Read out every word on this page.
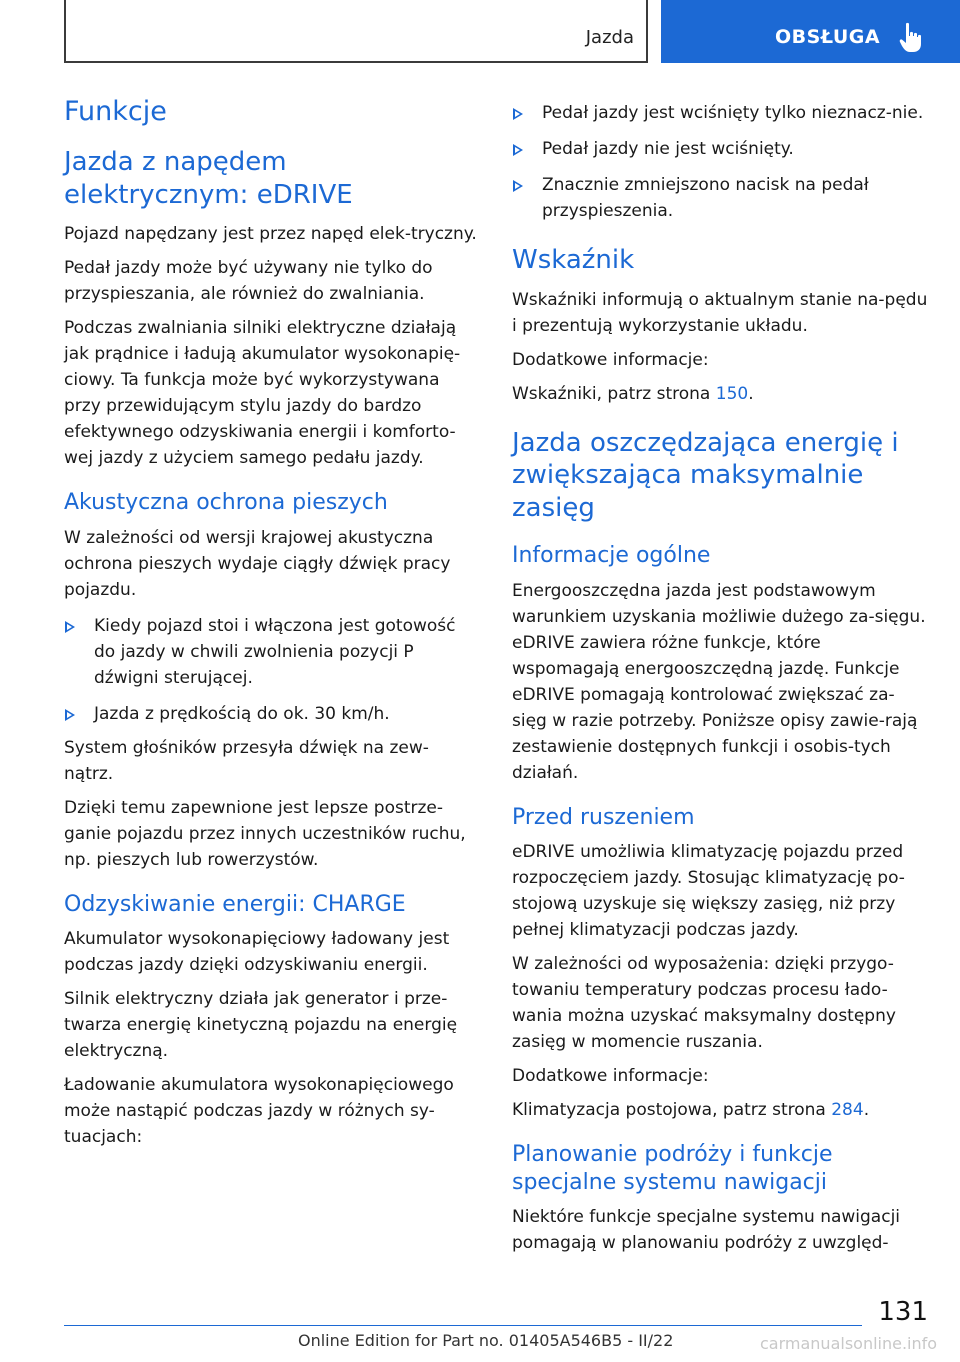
Jazda	OBSŁUGA
Funkcje
Jazda z napędem elektrycznym: eDRIVE

Pojazd napędzany jest przez napęd elek-tryczny.

Pedał jazdy może być używany nie tylko do przyspieszania, ale również do zwalniania.

Podczas zwalniania silniki elektryczne działają jak prądnice i ładują akumulator wysokonapię-ciowy. Ta funkcja może być wykorzystywana przy przewidującym stylu jazdy do bardzo efektywnego odzyskiwania energii i komforto-wej jazdy z użyciem samego pedału jazdy.

Akustyczna ochrona pieszych

W zależności od wersji krajowej akustyczna ochrona pieszych wydaje ciągły dźwięk pracy pojazdu.

Kiedy pojazd stoi i włączona jest gotowość do jazdy w chwili zwolnienia pozycji P dźwigni sterującej.
Jazda z prędkością do ok. 30 km/h.

System głośników przesyła dźwięk na zew-nątrz.

Dzięki temu zapewnione jest lepsze postrze-ganie pojazdu przez innych uczestników ruchu, np. pieszych lub rowerzystów.

Odzyskiwanie energii: CHARGE

Akumulator wysokonapięciowy ładowany jest podczas jazdy dzięki odzyskiwaniu energii.

Silnik elektryczny działa jak generator i prze-twarza energię kinetyczną pojazdu na energię elektryczną.

Ładowanie akumulatora wysokonapięciowego może nastąpić podczas jazdy w różnych sy-tuacjach:

Pedał jazdy jest wciśnięty tylko nieznacz-nie.
Pedał jazdy nie jest wciśnięty.
Znacznie zmniejszono nacisk na pedał przyspieszenia.
Wskaźnik

Wskaźniki informują o aktualnym stanie na-pędu i prezentują wykorzystanie układu.

Dodatkowe informacje:

Wskaźniki, patrz strona 150.

Jazda oszczędzająca energię i zwiększająca maksymalnie zasięg
Informacje ogólne

Energooszczędna jazda jest podstawowym warunkiem uzyskania możliwie dużego za-sięgu. eDRIVE zawiera różne funkcje, które wspomagają energooszczędną jazdę. Funkcje eDRIVE pomagają kontrolować zwiększać za-sięg w razie potrzeby. Poniższe opisy zawie-rają zestawienie dostępnych funkcji i osobis-tych działań.

Przed ruszeniem

eDRIVE umożliwia klimatyzację pojazdu przed rozpoczęciem jazdy. Stosując klimatyzację po-stojową uzyskuje się większy zasięg, niż przy pełnej klimatyzacji podczas jazdy.

W zależności od wyposażenia: dzięki przygo-towaniu temperatury podczas procesu łado-wania można uzyskać maksymalny dostępny zasięg w momencie ruszania.

Dodatkowe informacje:

Klimatyzacja postojowa, patrz strona 284.

Planowanie podróży i funkcje specjalne systemu nawigacji

Niektóre funkcje specjalne systemu nawigacji pomagają w planowaniu podróży z uwzględ-

131
Online Edition for Part no. 01405A546B5 - II/22	carmanualsonline.info
